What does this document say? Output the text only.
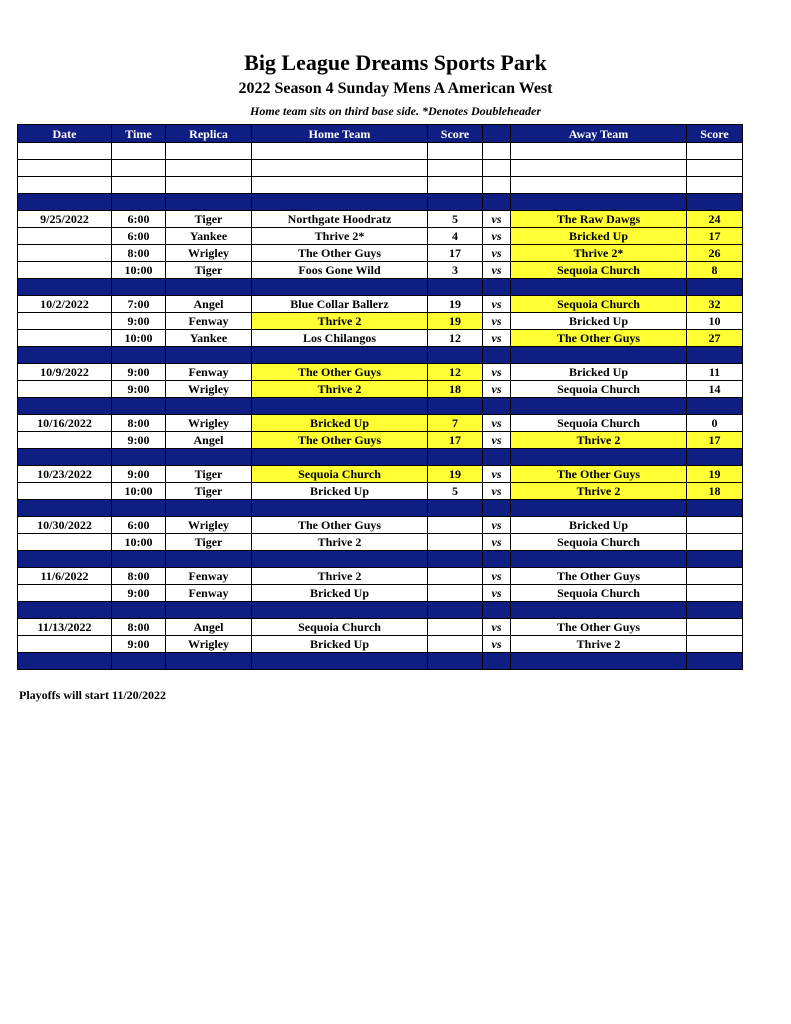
Big League Dreams Sports Park
2022 Season 4 Sunday Mens A American West
Home team sits on third base side. *Denotes Doubleheader
Date	Time	Replica	Home Team	Score		Away Team	Score

9/25/2022	6:00	Tiger	Northgate Hoodratz	5	vs	The Raw Dawgs	24
	6:00	Yankee	Thrive 2*	4	vs	Bricked Up	17
	8:00	Wrigley	The Other Guys	17	vs	Thrive 2*	26
	10:00	Tiger	Foos Gone Wild	3	vs	Sequoia Church	8

10/2/2022	7:00	Angel	Blue Collar Ballerz	19	vs	Sequoia Church	32
	9:00	Fenway	Thrive 2	19	vs	Bricked Up	10
	10:00	Yankee	Los Chilangos	12	vs	The Other Guys	27

10/9/2022	9:00	Fenway	The Other Guys	12	vs	Bricked Up	11
	9:00	Wrigley	Thrive 2	18	vs	Sequoia Church	14

10/16/2022	8:00	Wrigley	Bricked Up	7	vs	Sequoia Church	0
	9:00	Angel	The Other Guys	17	vs	Thrive 2	17

10/23/2022	9:00	Tiger	Sequoia Church	19	vs	The Other Guys	19
	10:00	Tiger	Bricked Up	5	vs	Thrive 2	18

10/30/2022	6:00	Wrigley	The Other Guys		vs	Bricked Up	
	10:00	Tiger	Thrive 2		vs	Sequoia Church	

11/6/2022	8:00	Fenway	Thrive 2		vs	The Other Guys	
	9:00	Fenway	Bricked Up		vs	Sequoia Church	

11/13/2022	8:00	Angel	Sequoia Church		vs	The Other Guys	
	9:00	Wrigley	Bricked Up		vs	Thrive 2	

Playoffs will start 11/20/2022
